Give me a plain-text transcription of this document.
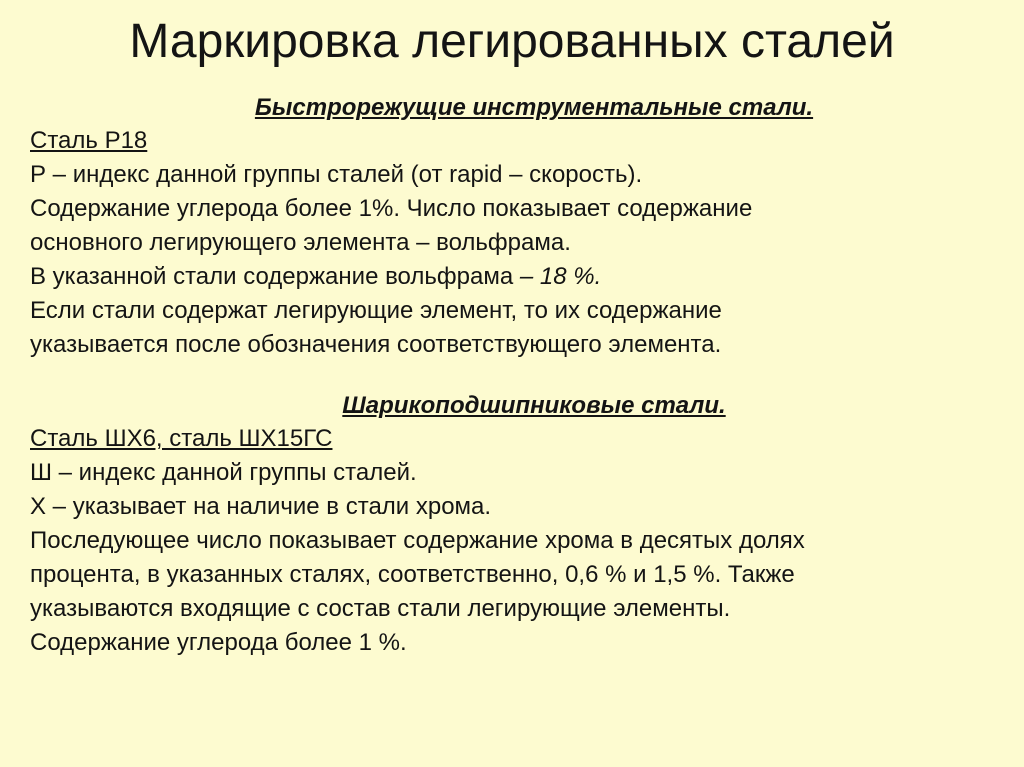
Маркировка легированных сталей
Быстрорежущие инструментальные стали.
Сталь Р18
Р – индекс данной группы сталей (от rapid – скорость).
Содержание углерода более 1%. Число показывает содержание
основного легирующего элемента – вольфрама.
В указанной стали содержание вольфрама – 18 %.
Если стали содержат легирующие элемент, то их содержание
указывается после обозначения соответствующего элемента.
Шарикоподшипниковые стали.
Сталь ШХ6, сталь ШХ15ГС
Ш – индекс данной группы сталей.
Х – указывает на наличие в стали хрома.
Последующее число показывает содержание хрома в десятых долях
процента, в указанных сталях, соответственно, 0,6 % и 1,5 %. Также
указываются входящие с состав стали легирующие элементы.
Содержание углерода более 1 %.
